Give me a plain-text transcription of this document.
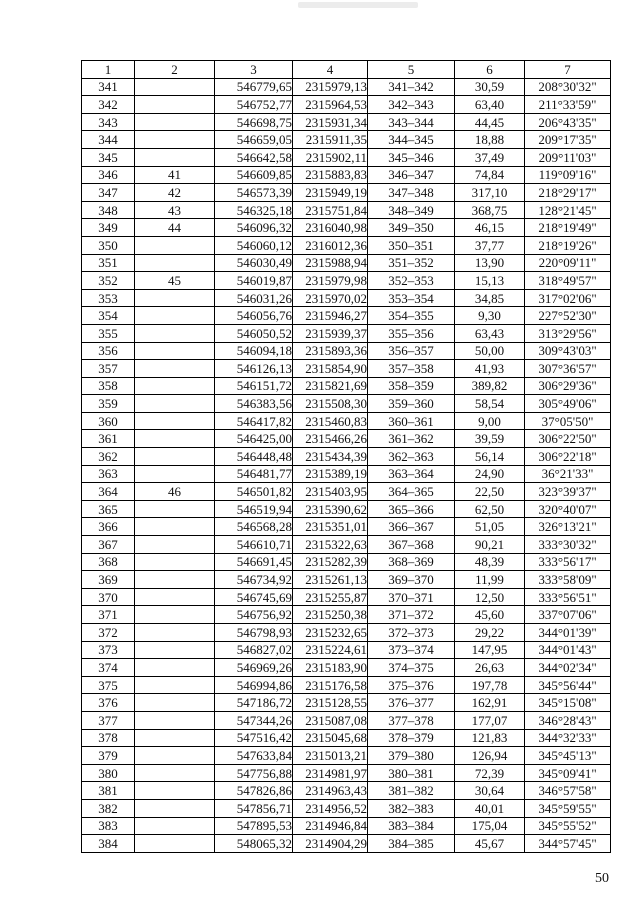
1	2	3	4	5	6	7
341		546779,65	2315979,13	341–342	30,59	208°30'32"
342		546752,77	2315964,53	342–343	63,40	211°33'59"
343		546698,75	2315931,34	343–344	44,45	206°43'35"
344		546659,05	2315911,35	344–345	18,88	209°17'35"
345		546642,58	2315902,11	345–346	37,49	209°11'03"
346	41	546609,85	2315883,83	346–347	74,84	119°09'16"
347	42	546573,39	2315949,19	347–348	317,10	218°29'17"
348	43	546325,18	2315751,84	348–349	368,75	128°21'45"
349	44	546096,32	2316040,98	349–350	46,15	218°19'49"
350		546060,12	2316012,36	350–351	37,77	218°19'26"
351		546030,49	2315988,94	351–352	13,90	220°09'11"
352	45	546019,87	2315979,98	352–353	15,13	318°49'57"
353		546031,26	2315970,02	353–354	34,85	317°02'06"
354		546056,76	2315946,27	354–355	9,30	227°52'30"
355		546050,52	2315939,37	355–356	63,43	313°29'56"
356		546094,18	2315893,36	356–357	50,00	309°43'03"
357		546126,13	2315854,90	357–358	41,93	307°36'57"
358		546151,72	2315821,69	358–359	389,82	306°29'36"
359		546383,56	2315508,30	359–360	58,54	305°49'06"
360		546417,82	2315460,83	360–361	9,00	37°05'50"
361		546425,00	2315466,26	361–362	39,59	306°22'50"
362		546448,48	2315434,39	362–363	56,14	306°22'18"
363		546481,77	2315389,19	363–364	24,90	36°21'33"
364	46	546501,82	2315403,95	364–365	22,50	323°39'37"
365		546519,94	2315390,62	365–366	62,50	320°40'07"
366		546568,28	2315351,01	366–367	51,05	326°13'21"
367		546610,71	2315322,63	367–368	90,21	333°30'32"
368		546691,45	2315282,39	368–369	48,39	333°56'17"
369		546734,92	2315261,13	369–370	11,99	333°58'09"
370		546745,69	2315255,87	370–371	12,50	333°56'51"
371		546756,92	2315250,38	371–372	45,60	337°07'06"
372		546798,93	2315232,65	372–373	29,22	344°01'39"
373		546827,02	2315224,61	373–374	147,95	344°01'43"
374		546969,26	2315183,90	374–375	26,63	344°02'34"
375		546994,86	2315176,58	375–376	197,78	345°56'44"
376		547186,72	2315128,55	376–377	162,91	345°15'08"
377		547344,26	2315087,08	377–378	177,07	346°28'43"
378		547516,42	2315045,68	378–379	121,83	344°32'33"
379		547633,84	2315013,21	379–380	126,94	345°45'13"
380		547756,88	2314981,97	380–381	72,39	345°09'41"
381		547826,86	2314963,43	381–382	30,64	346°57'58"
382		547856,71	2314956,52	382–383	40,01	345°59'55"
383		547895,53	2314946,84	383–384	175,04	345°55'52"
384		548065,32	2314904,29	384–385	45,67	344°57'45"
50
